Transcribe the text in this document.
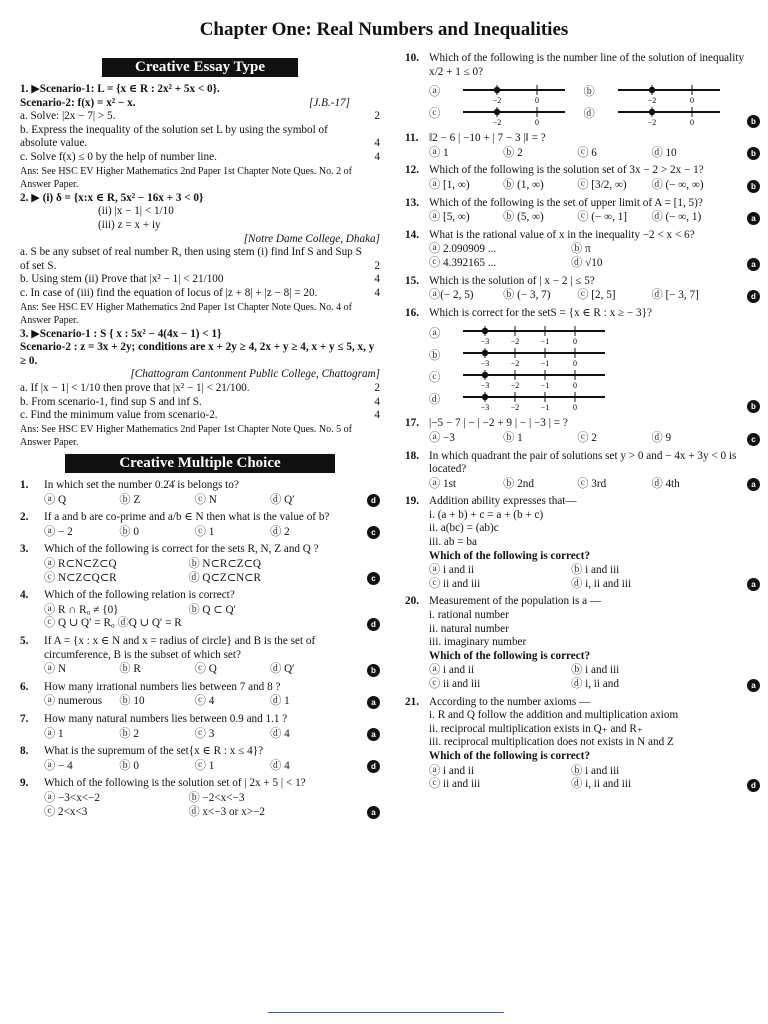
Chapter One: Real Numbers and Inequalities
Creative Essay Type
1. ▶Scenario-1: L = {x ∈ R : 2x² + 5x < 0}.
Scenario-2: f(x) = x² − x.	[J.B.-17]
a. Solve: |2x − 7| > 5.	2
b. Express the inequality of the solution set L by using the symbol of absolute value.	4
c. Solve f(x) ≤ 0 by the help of number line.	4
Ans: See HSC EV Higher Mathematics 2nd Paper 1st Chapter Note Ques. No. 2 of Answer Paper.
2. ▶ (i) δ = {x:x ∈ R, 5x² − 16x + 3 < 0}
(ii) |x − 1| < 1/10
(iii) z = x + iy
[Notre Dame College, Dhaka]
a. S be any subset of real number R, then using stem (i) find Inf S and Sup S of set S.	2
b. Using stem (ii) Prove that |x² − 1| < 21/100	4
c. In case of (iii) find the equation of locus of |z + 8| + |z − 8| = 20.	4
Ans: See HSC EV Higher Mathematics 2nd Paper 1st Chapter Note Ques. No. 4 of Answer Paper.
3. ▶Scenario-1 : S { x : 5x² − 4(4x − 1) < 1}
Scenario-2 : z = 3x + 2y; conditions are x + 2y ≥ 4, 2x + y ≥ 4, x + y ≤ 5, x, y ≥ 0.
[Chattogram Cantonment Public College, Chattogram]
a. If |x − 1| < 1/10 then prove that |x² − 1| < 21/100.	2
b. From scenario-1, find sup S and inf S.	4
c. Find the minimum value from scenario-2.	4
Ans: See HSC EV Higher Mathematics 2nd Paper 1st Chapter Note Ques. No. 5 of Answer Paper.
Creative Multiple Choice
1.	In which set the number 0.2̇4̇ is belongs to?
ⓐ Q	ⓑ Z	ⓒ N	ⓓ Q′	d
2.	If a and b are co-prime and a/b ∈ N then what is the value of b?
ⓐ − 2	ⓑ 0	ⓒ 1	ⓓ 2	c
3.	Which of the following is correct for the sets R, N, Z and Q ?
ⓐ R⊂N⊂Z⊂Q	ⓑ N⊂R⊂Z⊂Q
ⓒ N⊂Z⊂Q⊂R	ⓓ Q⊂Z⊂N⊂R	c
4.	Which of the following relation is correct?
ⓐ R ∩ R₀ ≠ {0}	ⓑ Q ⊂ Q′
ⓒ Q ∪ Q′ = R₀ ⓓQ ∪ Q′ = R	d
5.	If A = {x : x ∈ N and x = radius of circle} and B is the set of circumference, B is the subset of which set?
ⓐ N	ⓑ R	ⓒ Q	ⓓ Q′	b
6.	How many irrational numbers lies between 7 and 8 ?
ⓐ numerous	ⓑ 10	ⓒ 4	ⓓ 1	a
7.	How many natural numbers lies between 0.9 and 1.1 ?
ⓐ 1	ⓑ 2	ⓒ 3	ⓓ 4	a
8.	What is the supremum of the set{x ∈ R : x ≤ 4}?
ⓐ − 4	ⓑ 0	ⓒ 1	ⓓ 4	d
9.	Which of the following is the solution set of | 2x + 5 | < 1?
ⓐ −3<x<−2	ⓑ −2<x<−3
ⓒ 2<x<3	ⓓ x<−3 or x>−2	a
10. Which of the following is the number line of the solution of inequality x/2 + 1 ≤ 0?
ⓐ
−2	0
ⓑ
−2	0
ⓒ
−2	0
ⓓ
−2	0	b
11. ‖2 − 6 | −10 + | 7 − 3 |‖ = ?
ⓐ 1	ⓑ 2	ⓒ 6	ⓓ 10	b
12. Which of the following is the solution set of 3x − 2 > 2x − 1?
ⓐ [1, ∞)	ⓑ (1, ∞)	ⓒ [3/2, ∞)	ⓓ (− ∞, ∞)	b
13. Which of the following is the set of upper limit of A = [1, 5)?
ⓐ [5, ∞)	ⓑ (5, ∞)	ⓒ (− ∞, 1]	ⓓ (− ∞, 1)	a
14. What is the rational value of x in the inequality −2 < x < 6?
ⓐ 2.090909 ...	ⓑ π
ⓒ 4.392165 ...	ⓓ √10	a
15. Which is the solution of | x − 2 | ≤ 5?
ⓐ(− 2, 5)	ⓑ (− 3, 7)	ⓒ [2, 5]	ⓓ [− 3, 7]	d
16. Which is correct for the setS = {x ∈ R : x ≥ − 3}?
ⓐ
−3	−2	−1	0
ⓑ
−3	−2	−1	0
ⓒ
−3	−2	−1	0
ⓓ
−3	−2	−1	0	b
17. |−5 − 7 | − | −2 + 9 | − | −3 | = ?
ⓐ −3	ⓑ 1	ⓒ 2	ⓓ 9	c
18. In which quadrant the pair of solutions set y > 0 and − 4x + 3y < 0 is located?
ⓐ 1st	ⓑ 2nd	ⓒ 3rd	ⓓ 4th	a
19. Addition ability expresses that—
i. (a + b) + c = a + (b + c)
ii. a(bc) = (ab)c
iii. ab = ba
Which of the following is correct?
ⓐ i and ii	ⓑ i and iii
ⓒ ii and iii	ⓓ i, ii and iii	a
20. Measurement of the population is a —
i. rational number
ii. natural number
iii. imaginary number
Which of the following is correct?
ⓐ i and ii	ⓑ i and iii
ⓒ ii and iii	ⓓ i, ii and	a
21. According to the number axioms —
i. R and Q follow the addition and multiplication axiom
ii. reciprocal multiplication exists in Q₊ and R₊
iii. reciprocal multiplication does not exists in N and Z
Which of the following is correct?
ⓐ i and ii	ⓑ i and iii
ⓒ ii and iii	ⓓ i, ii and iii	d
